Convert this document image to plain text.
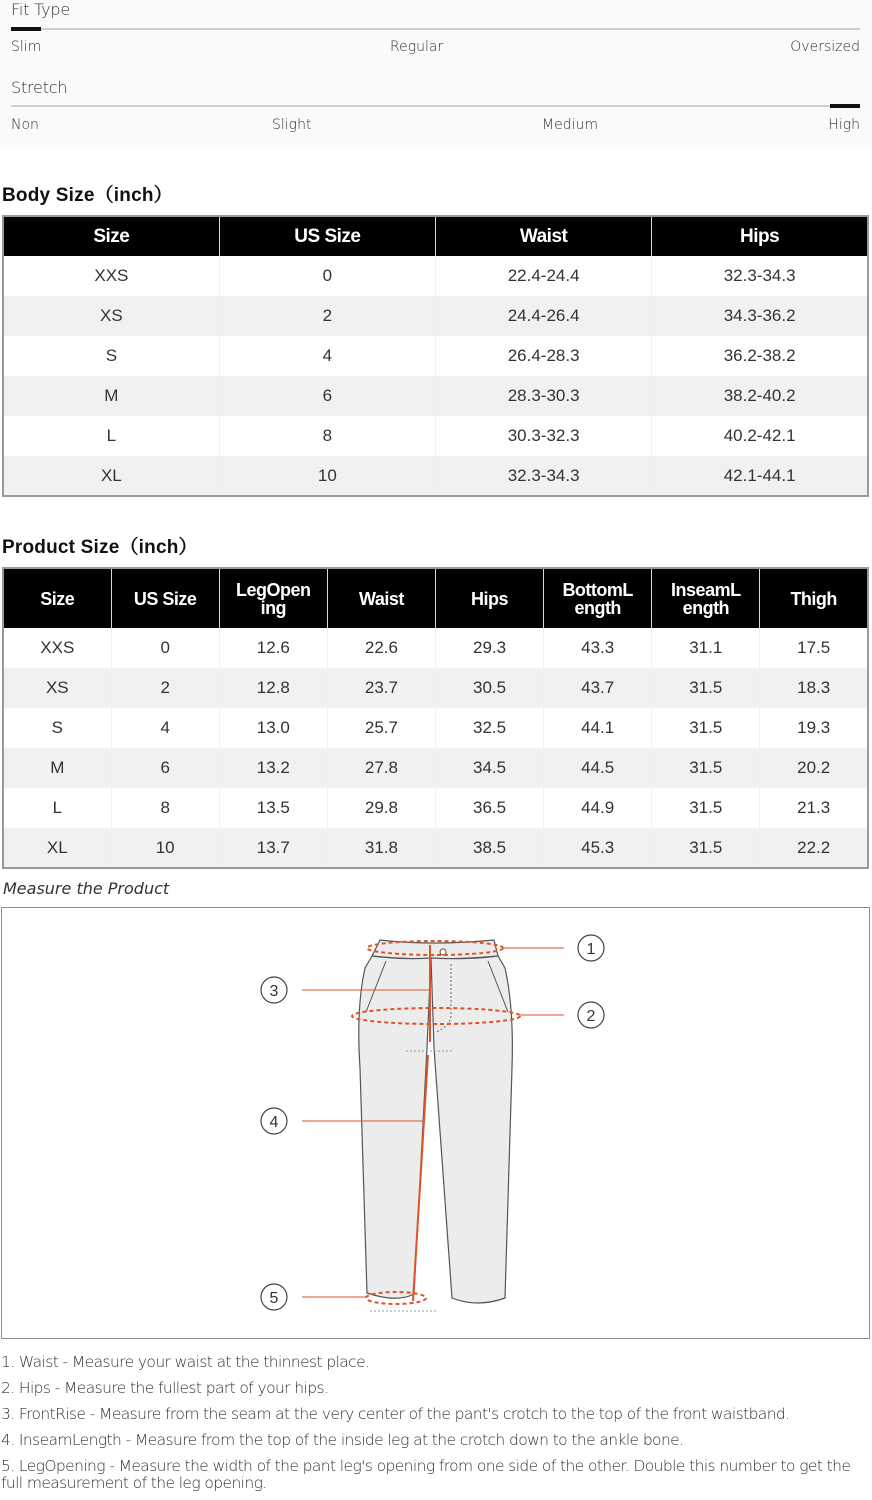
Fit Type
Slim	Regular	Oversized
Stretch
Non	Slight	Medium	High
Body Size（inch）
Size	US Size	Waist	Hips
XXS	0	22.4-24.4	32.3-34.3
XS	2	24.4-26.4	34.3-36.2
S	4	26.4-28.3	36.2-38.2
M	6	28.3-30.3	38.2-40.2
L	8	30.3-32.3	40.2-42.1
XL	10	32.3-34.3	42.1-44.1
Product Size（inch）
Size	US Size	LegOpen ing	Waist	Hips	BottomL ength	InseamL ength	Thigh
XXS	0	12.6	22.6	29.3	43.3	31.1	17.5
XS	2	12.8	23.7	30.5	43.7	31.5	18.3
S	4	13.0	25.7	32.5	44.1	31.5	19.3
M	6	13.2	27.8	34.5	44.5	31.5	20.2
L	8	13.5	29.8	36.5	44.9	31.5	21.3
XL	10	13.7	31.8	38.5	45.3	31.5	22.2
Measure the Product
1
2
3
4
5
1. Waist - Measure your waist at the thinnest place.
2. Hips - Measure the fullest part of your hips.
3. FrontRise - Measure from the seam at the very center of the pant's crotch to the top of the front waistband.
4. InseamLength - Measure from the top of the inside leg at the crotch down to the ankle bone.
5. LegOpening - Measure the width of the pant leg's opening from one side of the other. Double this number to get the full measurement of the leg opening.
